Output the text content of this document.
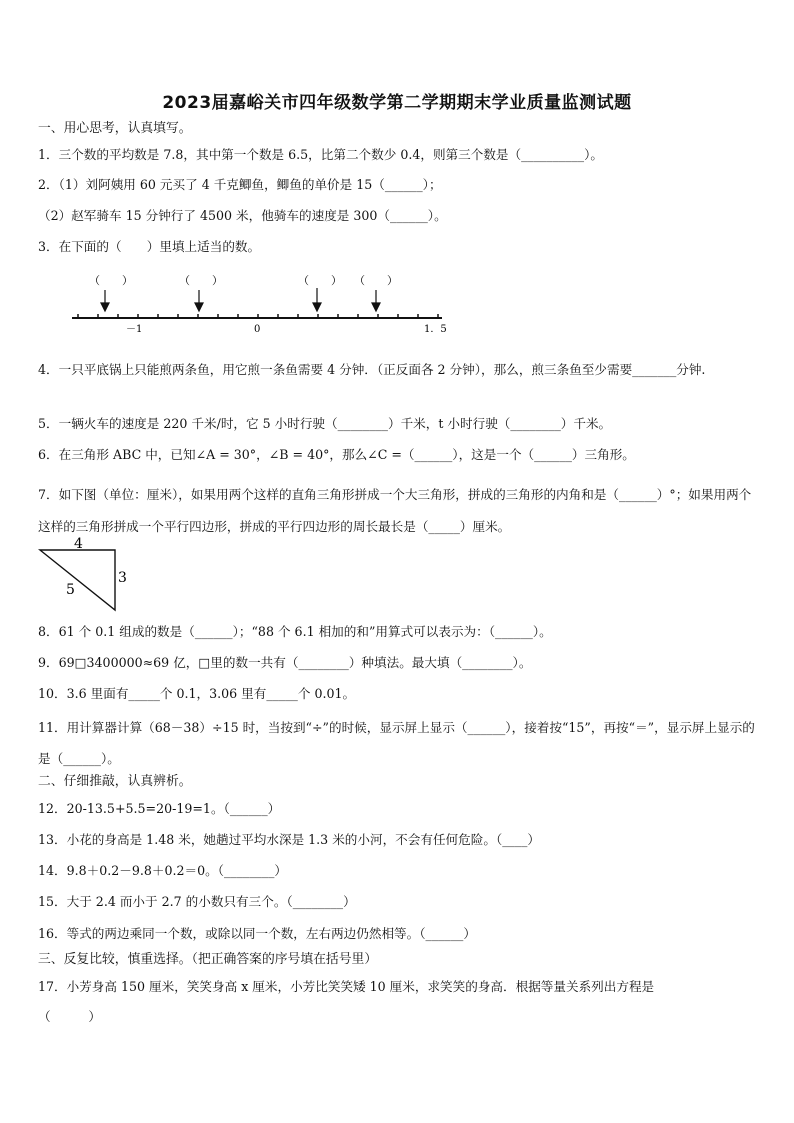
2023届嘉峪关市四年级数学第二学期期末学业质量监测试题
一、用心思考，认真填写。
1．三个数的平均数是 7.8，其中第一个数是 6.5，比第二个数少 0.4，则第三个数是（__________）。
2．（1）刘阿姨用 60 元买了 4 千克鲫鱼，鲫鱼的单价是 15（______）；
（2）赵军骑车 15 分钟行了 4500 米，他骑车的速度是 300（______）。
3．在下面的（　　）里填上适当的数。
（　　）	（　　）	（　　） （　　）
－1	0	1．5
4．一只平底锅上只能煎两条鱼，用它煎一条鱼需要 4 分钟．（正反面各 2 分钟），那么，煎三条鱼至少需要_______分钟.
5．一辆火车的速度是 220 千米/时，它 5 小时行驶（________）千米，t 小时行驶（________）千米。
6．在三角形 ABC 中，已知∠A = 30°，∠B = 40°，那么∠C =（______），这是一个（______）三角形。
7．如下图（单位：厘米），如果用两个这样的直角三角形拼成一个大三角形，拼成的三角形的内角和是（______）°；如果用两个这样的三角形拼成一个平行四边形，拼成的平行四边形的周长最长是（_____）厘米。
4
3
5
8．61 个 0.1 组成的数是（______）；“88 个 6.1 相加的和”用算式可以表示为：（______）。
9．69□3400000≈69 亿，□里的数一共有（________）种填法。最大填（________）。
10．3.6 里面有_____个 0.1，3.06 里有_____个 0.01。
11．用计算器计算（68－38）÷15 时，当按到“÷”的时候，显示屏上显示（______），接着按“15”，再按“＝”，显示屏上显示的是（______）。
二、仔细推敲，认真辨析。
12．20-13.5+5.5=20-19=1。（______）
13．小花的身高是 1.48 米，她趟过平均水深是 1.3 米的小河，不会有任何危险。（____）
14．9.8＋0.2－9.8＋0.2＝0。（________）
15．大于 2.4 而小于 2.7 的小数只有三个。（________）
16．等式的两边乘同一个数，或除以同一个数，左右两边仍然相等。（______）
三、反复比较，慎重选择。（把正确答案的序号填在括号里）
17．小芳身高 150 厘米，笑笑身高 x 厘米，小芳比笑笑矮 10 厘米，求笑笑的身高．根据等量关系列出方程是
（　　　）
